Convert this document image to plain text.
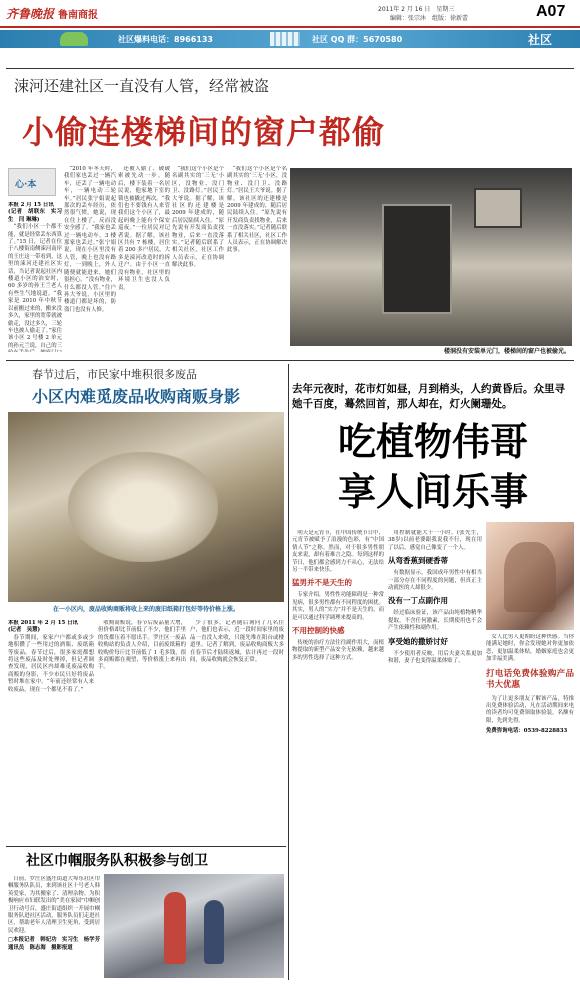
齐鲁晚报 鲁南商报
2011年 2 月 16 日　星期三
编辑：张宗沐　组版：徐新蕾	A07
社区爆料电话：8966133	社区 QQ 群：5670580	社区
涑河还建社区一直没有人管，经常被盗
小偷连楼梯间的窗户都偷
心·本
本报 2 月 15 日讯
(记者　胡联东　实习生　闫 琳琳)

“我们小区一个都不能，就是经常丢东西算了。”15 日，记者在位于八楼街南侧涑河南岸的王庄这一带看到，这里的涑河还建社区实话，当记者说起社区内楼道小区的治安时，60 多岁的孙王兰老人有些生气地说道。“我家是 2010 年中秋节以前搬过来的，搬来没多久，家里的宽带就被偷走，没过多久，三轮车也被人偷走了。”家住该小区 2 号楼 2 单元的孙元兰说，自己的三

“2010 年冬天时，我们家也丢过一辆汽车，还丢了一辆电动车，一辆电动三轮车。”居民张宁娟说起那次的丢车经历，依然很气愤。她说，现在住上楼了，反而没安全感了。“我家也丢过一辆电动车，3 楼那家也丢过。”张宁娟说，现在小区里没有人管，晚上也没有路灯，一到晚上，外人随便就能进来，她们很担心。“没有物业，什么都没人管。”住户孙大爷说，小区里的楼道门都是坏的，防盗门也没有人修。

还被人偷了，破破索被先动一步。随后，楼下装着一名居民说，他家地下室的锁也被撬过两次。“我们也不要钱有人来管我们这个小区了，最起码晚上能有个保安巡夜。”一位居民对记者说。据了解，该社区共有 7 栋楼，居住着 200 多户居民，大多是涑河改造时的拆迁户。由于小区一直没有物业，社区里的环境卫生也没人负责。

“我们这个小区是个名副其实的‘三无’小区，没物业、没门卫、没路灯。”居民王大爷说。据了解，该社区的还建楼是 2009 年建成的，随后居民陆续入住。“原先说有开发商负责找物业，后来一直没落实。”记者随后联系了相关社区，社区工作人员表示，正在协调解决此事。

“我们这个小区是个名副其实的‘三无’小区，没物业、没门卫、没路灯。”居民王大爷说。据了解，该社区的还建楼是 2009 年建成的，随后居民陆续入住。“原先说有开发商负责找物业，后来一直没落实。”记者随后联系了相关社区，社区工作人员表示，正在协调解决此事。

楼洞没有安装单元门，楼梯间的窗户也被偷光。
春节过后，市民家中堆积很多废品
小区内难觅废品收购商贩身影
在一小区内，废品收购商贩将收上来的废旧纸箱打包好等待价格上涨。
本报 2011 年 2 月 15 日讯
(记者　吴慧)

春节期间，家家户户都或多或少地积攒了一些用过的酒瓶、废纸箱等废品。春节过后，很多家庭都想将这些废品及时处理掉，但记者调查发现，居民区内却难觅废品收购商贩的身影，不少市民只好将废品暂时堆在家中。“年前还经常有人来收废品，现在一个都见不着了。”

收购商贩说，春节后废品量大增，但价格却比节前低了不少，他们手里的货都压着不愿出手。罗庄区一废品收购站的负责人介绍，目前废纸箱的收购价每斤比节前低了 1 毛多钱，很多商贩都在观望，等价格涨上来再出手。

少了很多，记者随后询问了几名住户，他们也表示，近一段时间家里的废品一直没人来收，只能先堆在阳台或楼道里。记者了解到，废品收购商贩大多在春节后才陆续返城，估计再过一段时间，废品收购就会恢复正常。

去年元夜时，花市灯如昼，月到梢头，人约黄昏后。众里寻她千百度，蓦然回首，那人却在，灯火阑珊处。
吃植物伟哥
享人间乐事

明天是元宵节，在中国传统节日中，元宵节被赋予了浪漫的色彩，有“中国情人节”之称。然而，对于很多男性朋友来说，却有着难言之隐。每到这样的节日，他们都会感到力不从心，无法给另一半带来快乐。

猛男并不是天生的

专家介绍，男性性功能障碍是一种常见病，很多男性都有不同程度的困扰。其实，男人的“实力”并不是天生的，而是可以通过科学调理来提高的。

不用控制的快感

传统的治疗方法往往副作用大，而植物提取的新型产品安全无依赖，越来越多的男性选择了这种方式。

用控制就能大干一小时。(张先生，38岁)以前老婆跟我说我不行，现在用了以后，感觉自己像变了一个人。

从弯香蕉到硬香蒂

有数据显示，我国成年男性中有相当一部分存在不同程度的问题，但真正主动就医的人却很少。

没有一丁点副作用

经过临床验证，该产品由纯植物精华提取，不含任何激素，长期使用也不会产生依赖性和副作用。

享受她的撒娇讨好

不少使用者反映，用后夫妻关系更加和谐，妻子也变得温柔体贴了。

女人比男人更期盼这种快感。当你能满足她时，你会发现她对你更加依恋，更加温柔体贴，婚姻家庭也会更加幸福美满。

打电话免费体验购产品书大优惠

为了让更多朋友了解该产品，特推出免费体验活动，凡在活动期间来电的读者均可免费领取体验装，名额有限，先到先得。

免费咨询电话：0539-8228833
社区巾帼服务队积极参与创卫

日前，罗庄区盛庄街道大埠东社区巾帼服务队队员，来到该社区十号老人韩英爱家，为其搬家了、清理杂物。为积极响应市妇联发出的“美在家园”巾帼创卫行动号召，盛庄街道组织一开展巾帼服务队进社区活动，服务队员们走进社区，帮助老年人清理卫生死角，受到居民欢迎。

□本报记者　韩妃功　实习生　杨学芳　通讯员　陈志海　摄影报道
